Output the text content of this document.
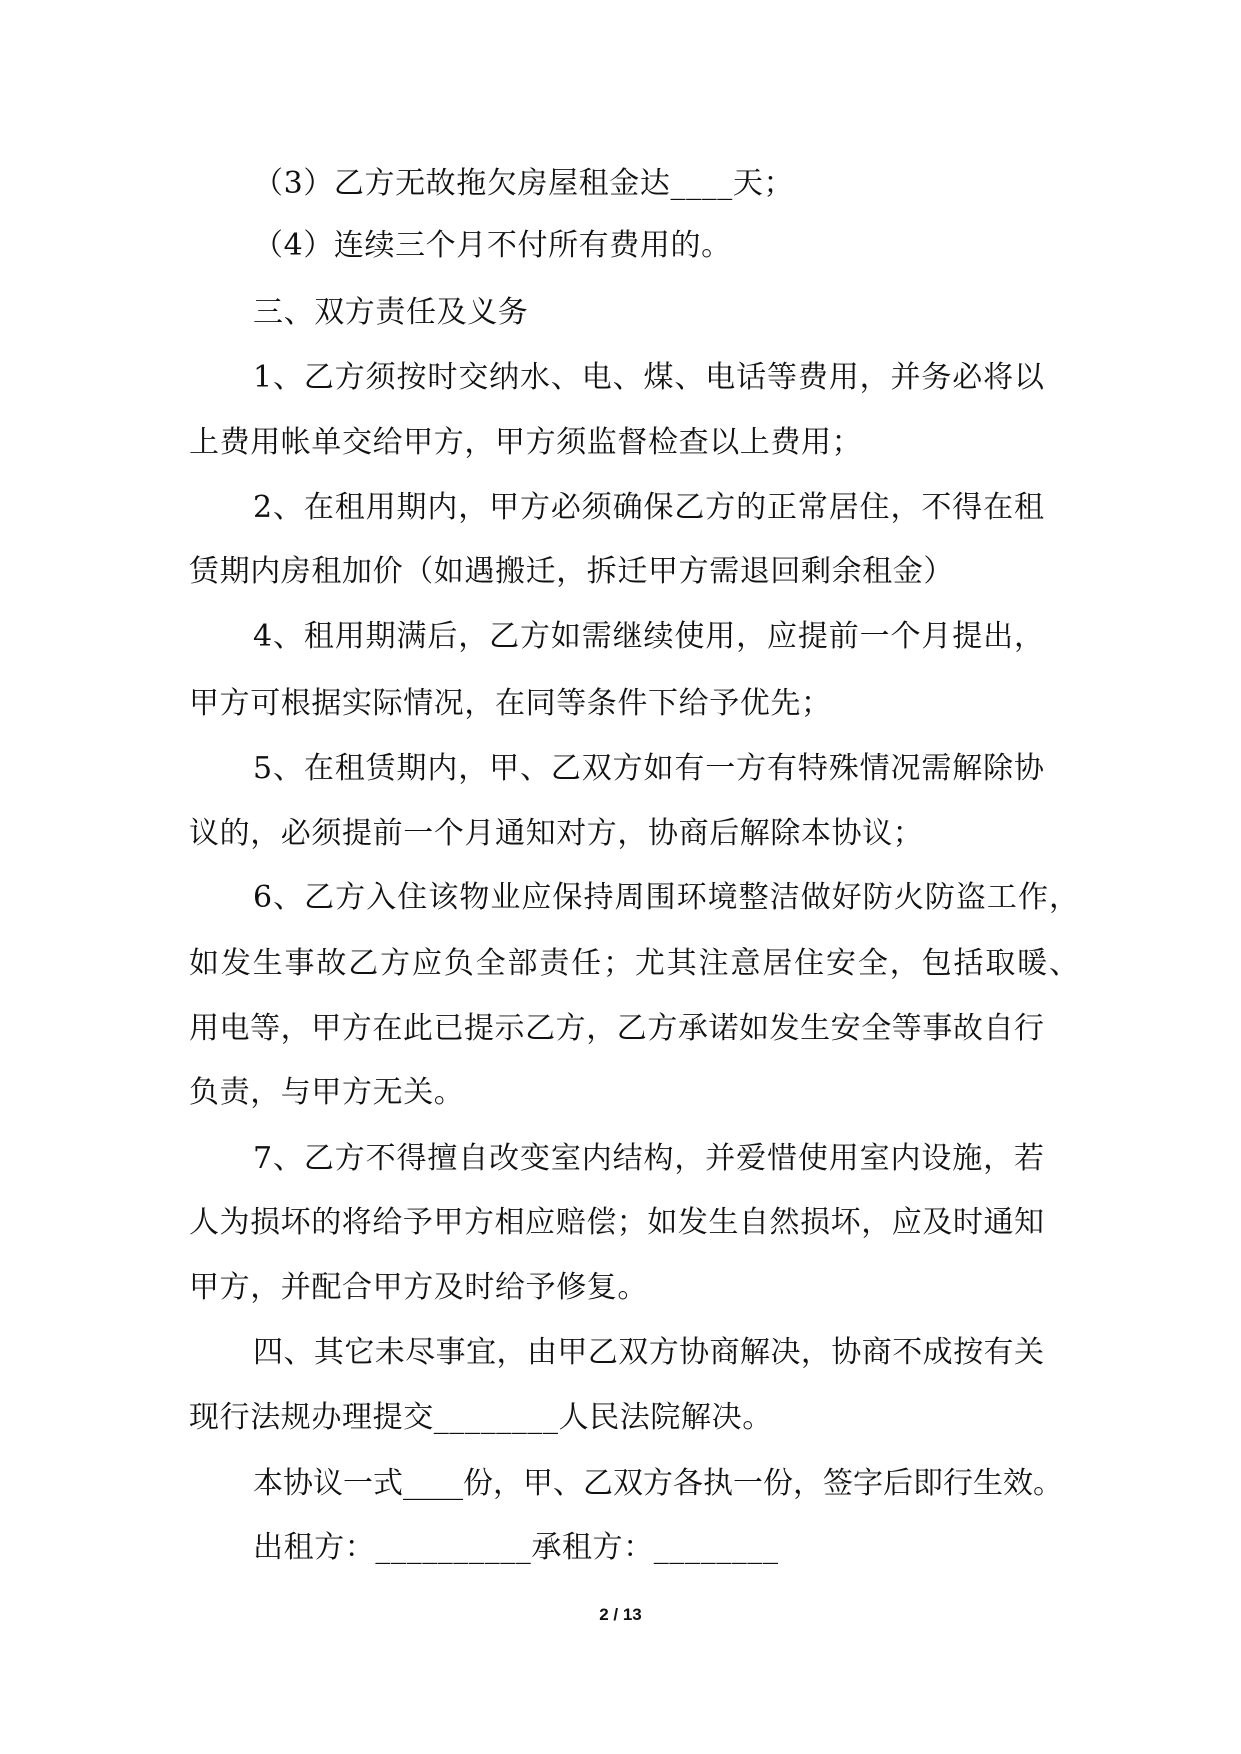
（3）乙方无故拖欠房屋租金达____天；
（4）连续三个月不付所有费用的。
三、双方责任及义务
1、乙方须按时交纳水、电、煤、电话等费用，并务必将以
上费用帐单交给甲方，甲方须监督检查以上费用；
2、在租用期内，甲方必须确保乙方的正常居住，不得在租
赁期内房租加价（如遇搬迁，拆迁甲方需退回剩余租金）
4、租用期满后，乙方如需继续使用，应提前一个月提出，
甲方可根据实际情况，在同等条件下给予优先；
5、在租赁期内，甲、乙双方如有一方有特殊情况需解除协
议的，必须提前一个月通知对方，协商后解除本协议；
6、乙方入住该物业应保持周围环境整洁做好防火防盗工作，
如发生事故乙方应负全部责任；尤其注意居住安全，包括取暖、
用电等，甲方在此已提示乙方，乙方承诺如发生安全等事故自行
负责，与甲方无关。
7、乙方不得擅自改变室内结构，并爱惜使用室内设施，若
人为损坏的将给予甲方相应赔偿；如发生自然损坏，应及时通知
甲方，并配合甲方及时给予修复。
四、其它未尽事宜，由甲乙双方协商解决，协商不成按有关
现行法规办理提交________人民法院解决。
本协议一式____份，甲、乙双方各执一份，签字后即行生效。
出租方：__________承租方：________
2 / 13
